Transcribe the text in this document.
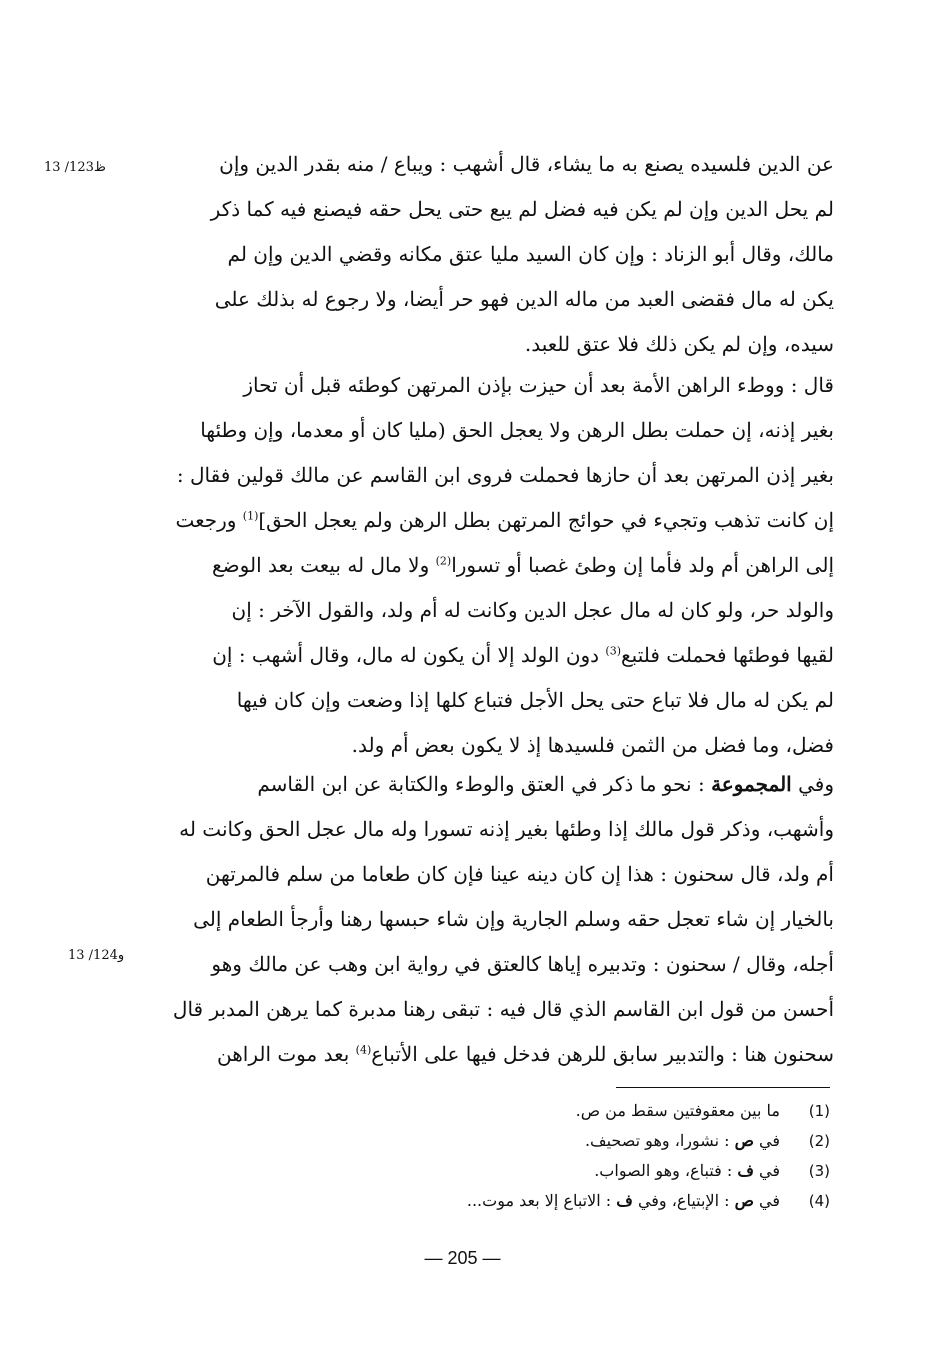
13 /123ظ
13 /124و
عن الدين فلسيده يصنع به ما يشاء، قال أشهب : ويباع / منه بقدر الدين وإن
لم يحل الدين وإن لم يكن فيه فضل لم يبع حتى يحل حقه فيصنع فيه كما ذكر
مالك، وقال أبو الزناد : وإن كان السيد مليا عتق مكانه وقضي الدين وإن لم
يكن له مال فقضى العبد من ماله الدين فهو حر أيضا، ولا رجوع له بذلك على
سيده، وإن لم يكن ذلك فلا عتق للعبد.
قال : ووطء الراهن الأمة بعد أن حيزت بإذن المرتهن كوطئه قبل أن تحاز
بغير إذنه، إن حملت بطل الرهن ولا يعجل الحق (مليا كان أو معدما، وإن وطئها
بغير إذن المرتهن بعد أن حازها فحملت فروى ابن القاسم عن مالك قولين فقال :
إن كانت تذهب وتجيء في حوائج المرتهن بطل الرهن ولم يعجل الحق]$^{(1)}$ ورجعت
إلى الراهن أم ولد فأما إن وطئ غصبا أو تسورا$^{(2)}$ ولا مال له بيعت بعد الوضع
والولد حر، ولو كان له مال عجل الدين وكانت له أم ولد، والقول الآخر : إن
لقيها فوطئها فحملت فلتبع$^{(3)}$ دون الولد إلا أن يكون له مال، وقال أشهب : إن
لم يكن له مال فلا تباع حتى يحل الأجل فتباع كلها إذا وضعت وإن كان فيها
فضل، وما فضل من الثمن فلسيدها إذ لا يكون بعض أم ولد.
وفي المجموعة : نحو ما ذكر في العتق والوطء والكتابة عن ابن القاسم
وأشهب، وذكر قول مالك إذا وطئها بغير إذنه تسورا وله مال عجل الحق وكانت له
أم ولد، قال سحنون : هذا إن كان دينه عينا فإن كان طعاما من سلم فالمرتهن
بالخيار إن شاء تعجل حقه وسلم الجارية وإن شاء حبسها رهنا وأرجأ الطعام إلى
أجله، وقال / سحنون : وتدبيره إياها كالعتق في رواية ابن وهب عن مالك وهو
أحسن من قول ابن القاسم الذي قال فيه : تبقى رهنا مدبرة كما يرهن المدبر قال
سحنون هنا : والتدبير سابق للرهن فدخل فيها على الأتباع$^{(4)}$ بعد موت الراهن
(1)
ما بين معقوفتين سقط من ص.
(2)
في ص : نشورا، وهو تصحيف.
(3)
في ف : فتباع، وهو الصواب.
(4)
في ص : الإبتياع، وفي ف : الاتباع إلا بعد موت...
— 205 —
